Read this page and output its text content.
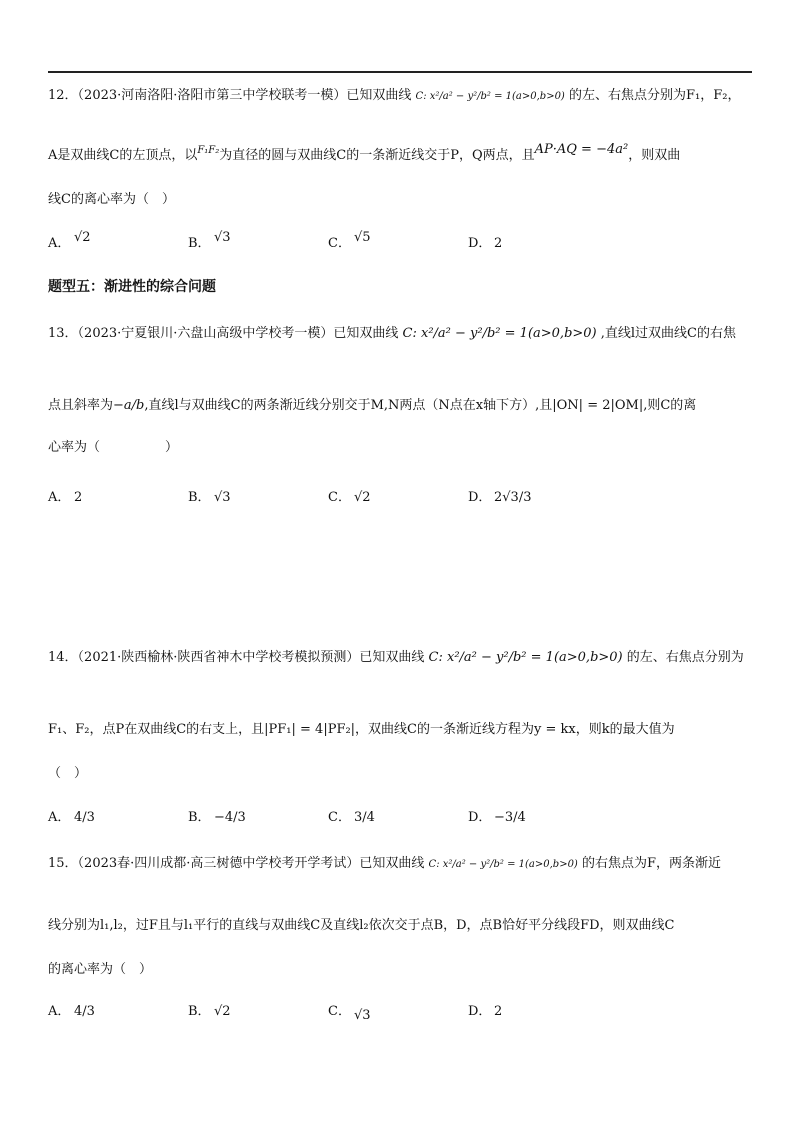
12．（2023·河南洛阳·洛阳市第三中学校联考一模）已知双曲线 C: x²/a² − y²/b² = 1(a>0,b>0) 的左、右焦点分别为F₁，F₂，
A是双曲线C的左顶点，以$^{F_1F_2}$为直径的圆与双曲线C的一条渐近线交于P，Q两点，且AP·AQ = −4a²，则双曲
线C的离心率为（　）
A． √2	B． √3	C． √5	D． 2
题型五：渐进性的综合问题
13．（2023·宁夏银川·六盘山高级中学校考一模）已知双曲线 C: x²/a² − y²/b² = 1(a>0,b>0) ,直线l过双曲线C的右焦
点且斜率为−a/b,直线l与双曲线C的两条渐近线分别交于M,N两点（N点在x轴下方）,且|ON| = 2|OM|,则C的离
心率为（　　　　　）
A． 2	B． √3	C． √2	D． 2√3/3
14．（2021·陕西榆林·陕西省神木中学校考模拟预测）已知双曲线 C: x²/a² − y²/b² = 1(a>0,b>0) 的左、右焦点分别为
F₁、F₂，点P在双曲线C的右支上，且|PF₁| = 4|PF₂|，双曲线C的一条渐近线方程为y = kx，则k的最大值为
（　）
A． 4/3	B． −4/3	C． 3/4	D． −3/4
15．（2023春·四川成都·高三树德中学校考开学考试）已知双曲线 C: x²/a² − y²/b² = 1(a>0,b>0) 的右焦点为F，两条渐近
线分别为l₁,l₂，过F且与l₁平行的直线与双曲线C及直线l₂依次交于点B，D，点B恰好平分线段FD，则双曲线C
的离心率为（　）
A． 4/3	B． √2	C． √3	D． 2
